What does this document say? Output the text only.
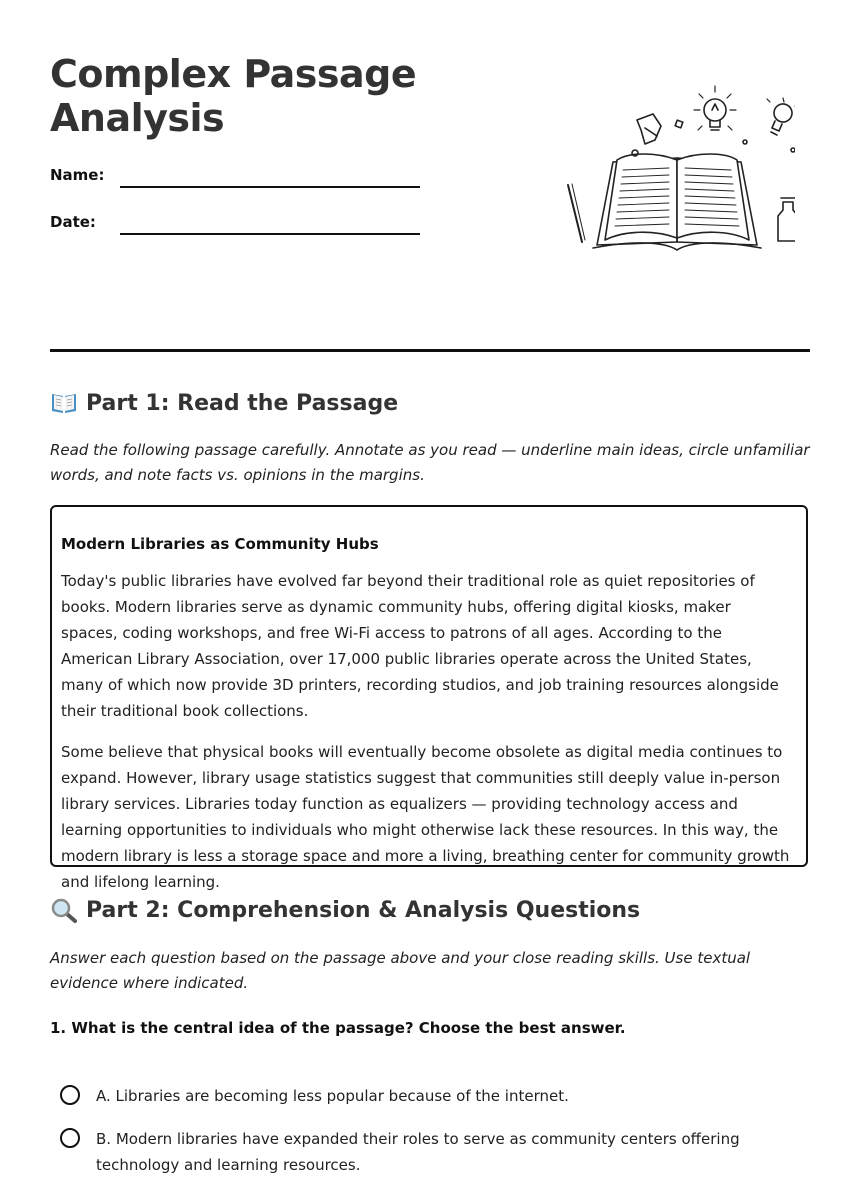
Complex Passage Analysis
Name:
Date:
Part 1: Read the Passage
Read the following passage carefully. Annotate as you read — underline main ideas, circle unfamiliar words, and note facts vs. opinions in the margins.
Modern Libraries as Community Hubs

Today's public libraries have evolved far beyond their traditional role as quiet repositories of books. Modern libraries serve as dynamic community hubs, offering digital kiosks, maker spaces, coding workshops, and free Wi-Fi access to patrons of all ages. According to the American Library Association, over 17,000 public libraries operate across the United States, many of which now provide 3D printers, recording studios, and job training resources alongside their traditional book collections.

Some believe that physical books will eventually become obsolete as digital media continues to expand. However, library usage statistics suggest that communities still deeply value in-person library services. Libraries today function as equalizers — providing technology access and learning opportunities to individuals who might otherwise lack these resources. In this way, the modern library is less a storage space and more a living, breathing center for community growth and lifelong learning.

Part 2: Comprehension & Analysis Questions
Answer each question based on the passage above and your close reading skills. Use textual evidence where indicated.
1. What is the central idea of the passage? Choose the best answer.
A. Libraries are becoming less popular because of the internet.
B. Modern libraries have expanded their roles to serve as community centers offering technology and learning resources.
